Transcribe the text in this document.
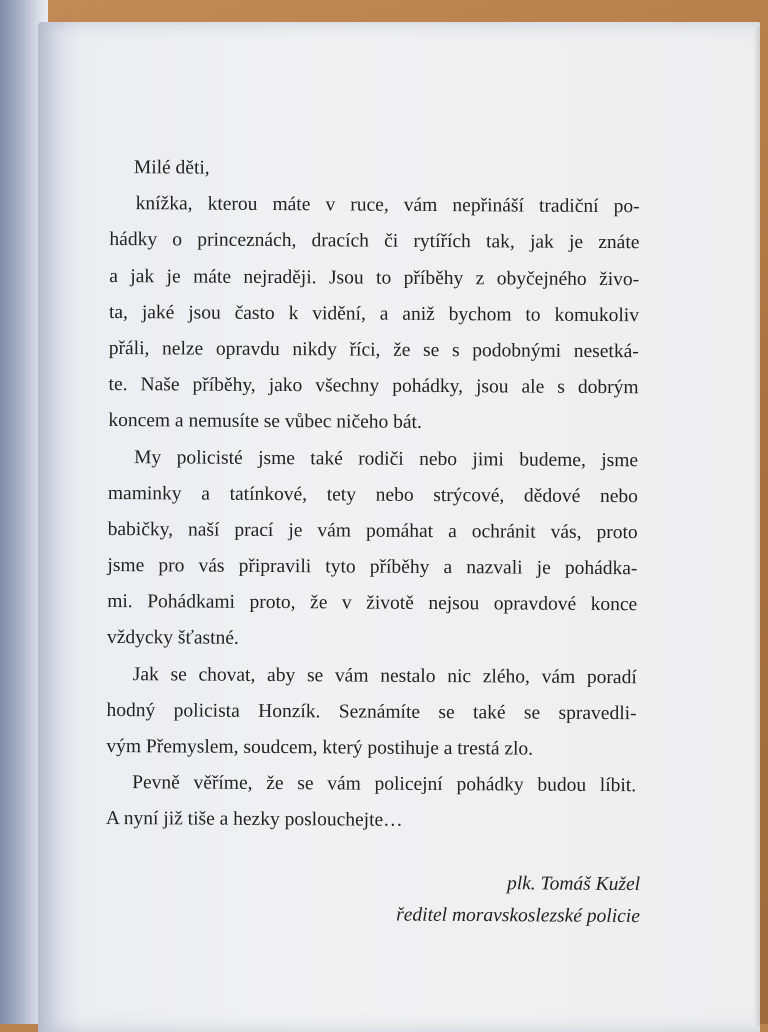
Milé děti,
knížka, kterou máte v ruce, vám nepřináší tradiční po-
hádky o princeznách, dracích či rytířích tak, jak je znáte
a jak je máte nejraději. Jsou to příběhy z obyčejného živo-
ta, jaké jsou často k vidění, a aniž bychom to komukoliv
přáli, nelze opravdu nikdy říci, že se s podobnými nesetká-
te. Naše příběhy, jako všechny pohádky, jsou ale s dobrým
koncem a nemusíte se vůbec ničeho bát.
My policisté jsme také rodiči nebo jimi budeme, jsme
maminky a tatínkové, tety nebo strýcové, dědové nebo
babičky, naší prací je vám pomáhat a ochránit vás, proto
jsme pro vás připravili tyto příběhy a nazvali je pohádka-
mi. Pohádkami proto, že v životě nejsou opravdové konce
vždycky šťastné.
Jak se chovat, aby se vám nestalo nic zlého, vám poradí
hodný policista Honzík. Seznámíte se také se spravedli-
vým Přemyslem, soudcem, který postihuje a trestá zlo.
Pevně věříme, že se vám policejní pohádky budou líbit.
A nyní již tiše a hezky poslouchejte…
plk. Tomáš Kužel
ředitel moravskoslezské policie
